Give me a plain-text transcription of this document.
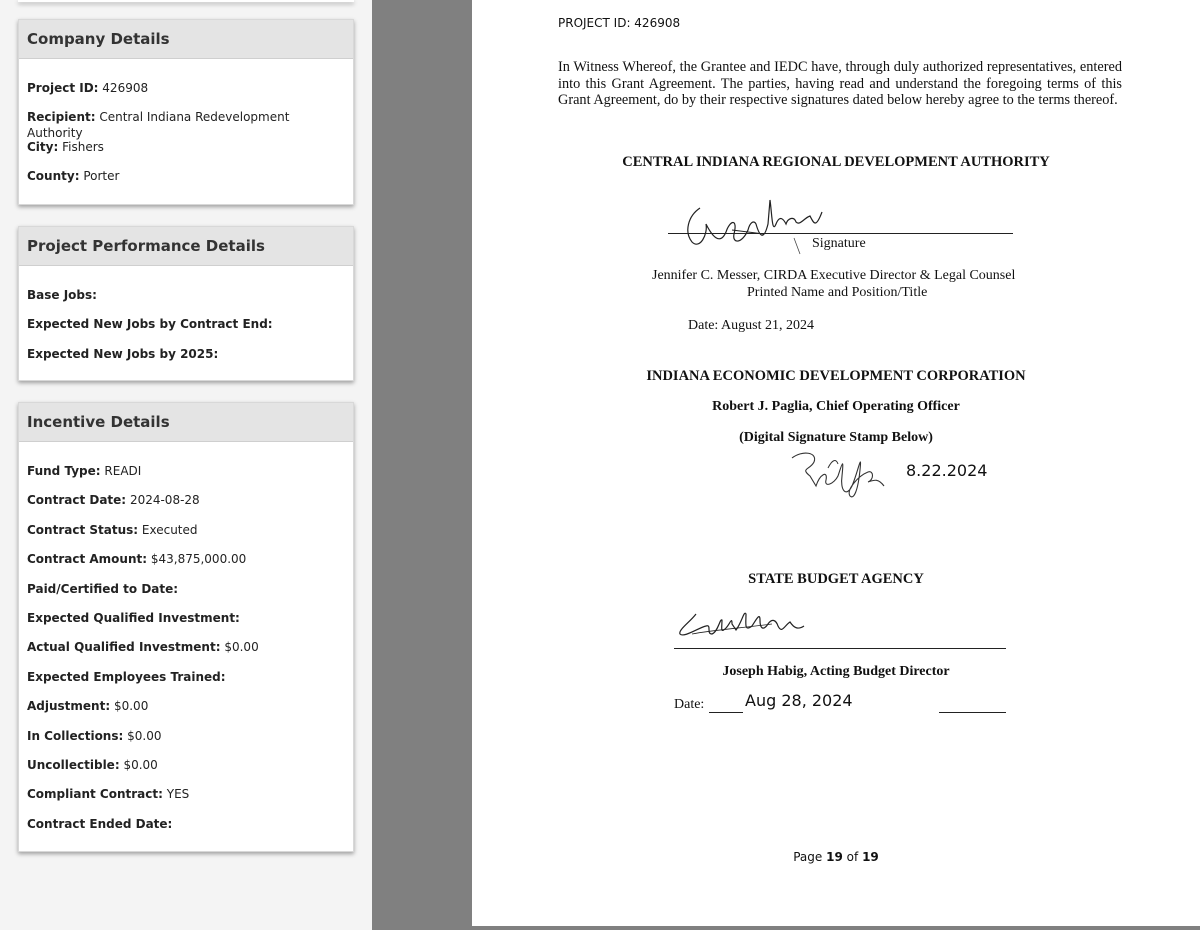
Company Details
Project ID: 426908
Recipient: Central Indiana Redevelopment Authority
City: Fishers
County: Porter
Project Performance Details
Base Jobs:
Expected New Jobs by Contract End:
Expected New Jobs by 2025:
Incentive Details
Fund Type: READI
Contract Date: 2024-08-28
Contract Status: Executed
Contract Amount: $43,875,000.00
Paid/Certified to Date:
Expected Qualified Investment:
Actual Qualified Investment: $0.00
Expected Employees Trained:
Adjustment: $0.00
In Collections: $0.00
Uncollectible: $0.00
Compliant Contract: YES
Contract Ended Date:
PROJECT ID: 426908
In Witness Whereof, the Grantee and IEDC have, through duly authorized representatives, entered into this Grant Agreement. The parties, having read and understand the foregoing terms of this Grant Agreement, do by their respective signatures dated below hereby agree to the terms thereof.
CENTRAL INDIANA REGIONAL DEVELOPMENT AUTHORITY
Signature
Jennifer C. Messer, CIRDA Executive Director & Legal Counsel
Printed Name and Position/Title
Date: August 21, 2024
INDIANA ECONOMIC DEVELOPMENT CORPORATION
Robert J. Paglia, Chief Operating Officer
(Digital Signature Stamp Below)
8.22.2024
STATE BUDGET AGENCY
Joseph Habig, Acting Budget Director
Date:	Aug 28, 2024
Page 19 of 19
